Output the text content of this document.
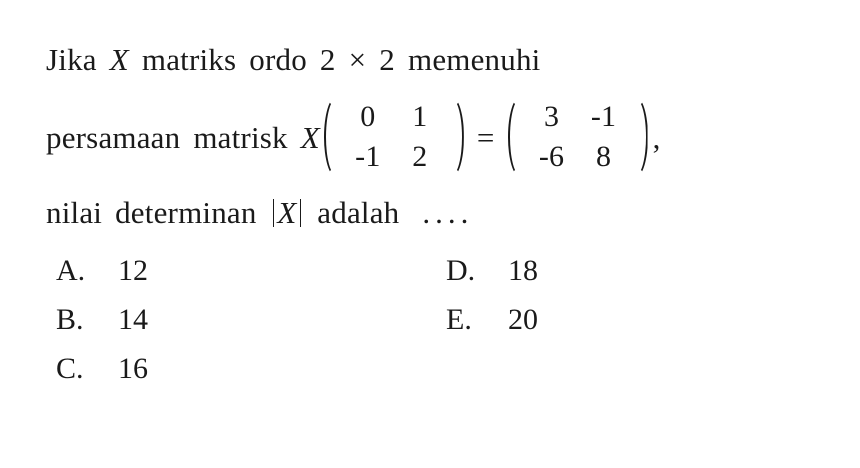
Jika X matriks ordo 2 × 2 memenuhi
persamaan matrisk X
0	1
-1	2
=
3	-1
-6	8
,
nilai determinan X adalah ....
A.	12
B.	14
C.	16
D.	18
E.	20
